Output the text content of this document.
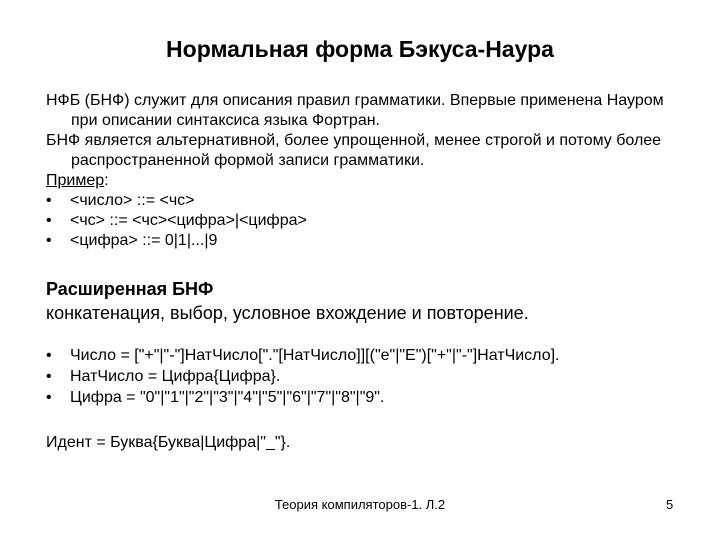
Нормальная форма Бэкуса-Наура
НФБ (БНФ) служит для описания правил грамматики. Впервые применена Науром при описании синтаксиса языка Фортран.
БНФ является альтернативной, более упрощенной, менее строгой и потому более распространенной формой записи грамматики.
Пример:
• <число> ::= <чс>
• <чс> ::= <чс><цифра>|<цифра>
• <цифра> ::= 0|1|...|9
Расширенная БНФ
конкатенация, выбор, условное вхождение и повторение.
• Число = ["+"|"-"]НатЧисло["."[НатЧисло]][("e"|"E")["+"|"-"]НатЧисло].
• НатЧисло = Цифра{Цифра}.
• Цифра = "0"|"1"|"2"|"3"|"4"|"5"|"6"|"7"|"8"|"9".
Идент = Буква{Буква|Цифра|"_"}.
Теория компиляторов-1. Л.2	5
